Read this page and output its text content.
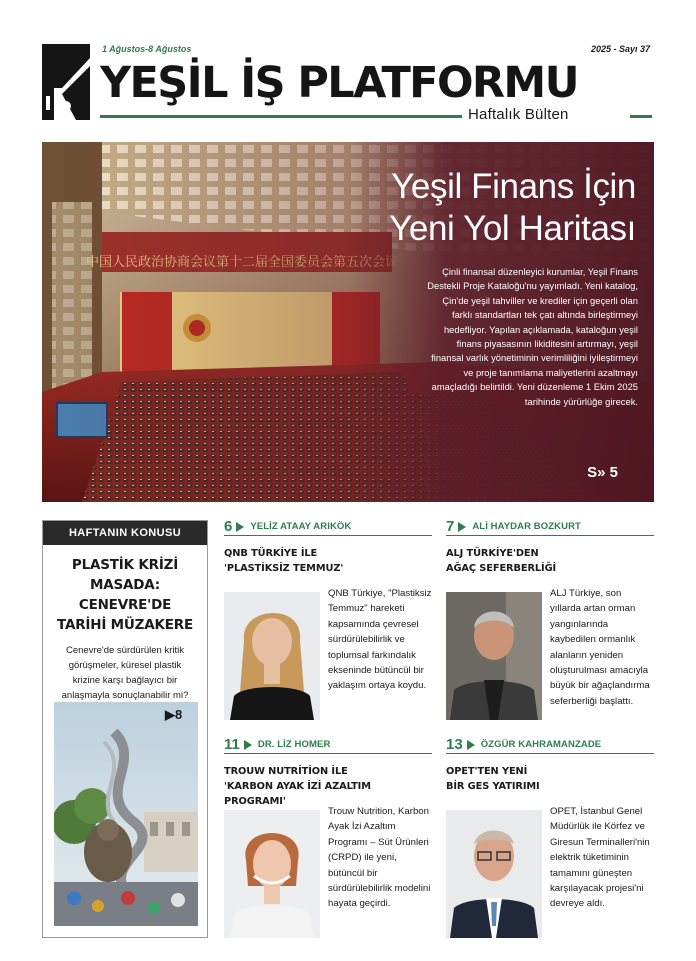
1 Ağustos-8 Ağustos	2025 - Sayı 37
YEŞİL İŞ PLATFORMU
Haftalık Bülten
Yeşil Finans İçin
Yeni Yol Haritası
Çinli finansal düzenleyici kurumlar, Yeşil Finans Destekli Proje Kataloğu'nu yayımladı. Yeni katalog, Çin'de yeşil tahviller ve krediler için geçerli olan farklı standartları tek çatı altında birleştirmeyi hedefliyor. Yapılan açıklamada, kataloğun yeşil finans piyasasının likiditesini artırmayı, yeşil finansal varlık yönetiminin verimliliğini iyileştirmeyi ve proje tanımlama maliyetlerini azaltmayı amaçladığı belirtildi. Yeni düzenleme 1 Ekim 2025 tarihinde yürürlüğe girecek.
S» 5
HAFTANIN KONUSU
PLASTİK KRİZİ MASADA:
CENEVRE'DE
TARİHİ MÜZAKERE
Cenevre'de sürdürülen kritik görüşmeler, küresel plastik krizine karşı bağlayıcı bir anlaşmayla sonuçlanabilir mi?
▶8
6 YELİZ ATAAY ARIKÖK
QNB TÜRKİYE İLE
'PLASTİKSİZ TEMMUZ'
QNB Türkiye, "Plastiksiz Temmuz" hareketi kapsamında çevresel sürdürülebilirlik ve toplumsal farkındalık ekseninde bütüncül bir yaklaşım ortaya koydu.
7 ALİ HAYDAR BOZKURT
ALJ TÜRKİYE'DEN
AĞAÇ SEFERBERLİĞİ
ALJ Türkiye, son yıllarda artan orman yangınlarında kaybedilen ormanlık alanların yeniden oluşturulması amacıyla büyük bir ağaçlandırma seferberliği başlattı.
11 DR. LİZ HOMER
TROUW NUTRİTİON İLE
'KARBON AYAK İZİ AZALTIM PROGRAMI'
Trouw Nutrition, Karbon Ayak İzi Azaltım Programı – Süt Ürünleri (CRPD) ile yeni, bütüncül bir sürdürülebilirlik modelini hayata geçirdi.
13 ÖZGÜR KAHRAMANZADE
OPET'TEN YENİ
BİR GES YATIRIMI
OPET, İstanbul Genel Müdürlük ile Körfez ve Giresun Terminalleri'nin elektrik tüketiminin tamamını güneşten karşılayacak projesi'ni devreye aldı.
